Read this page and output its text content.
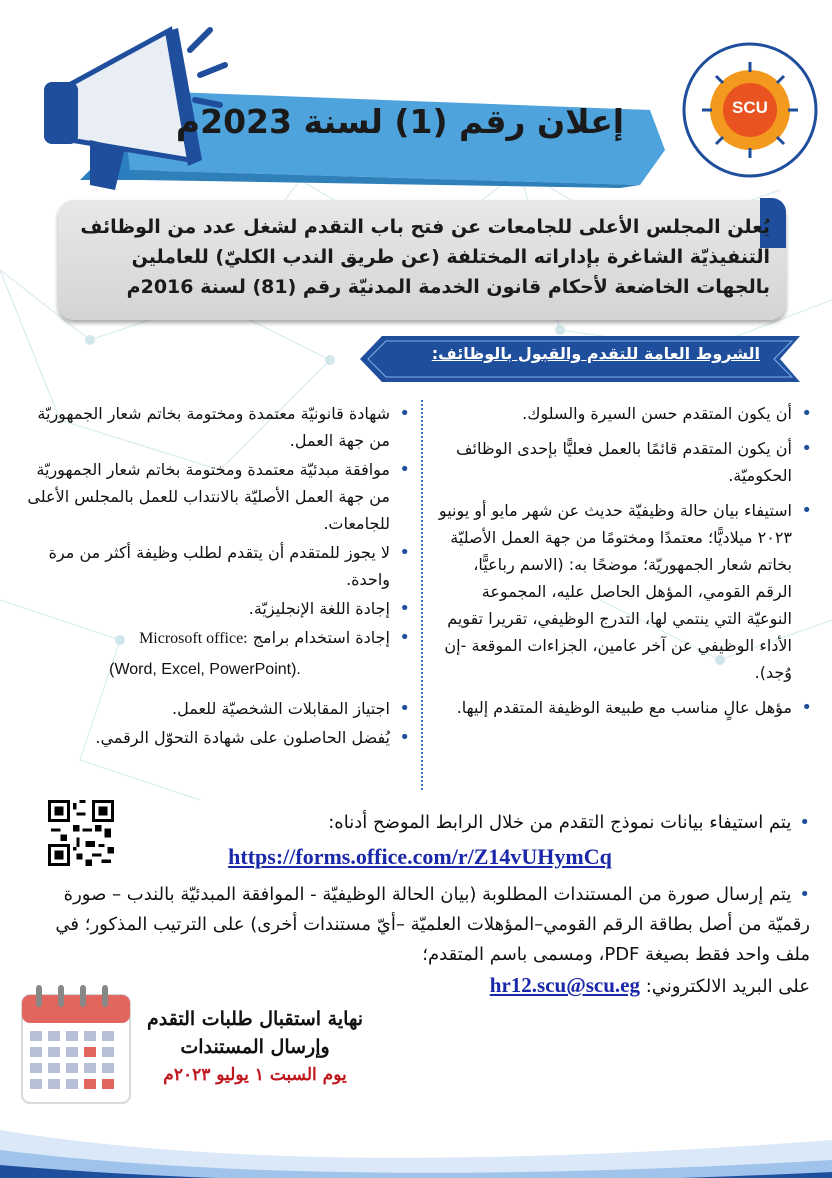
SCU
إعلان رقم (1) لسنة 2023م
يُعلن المجلس الأعلى للجامعات عن فتح باب التقدم لشغل عدد من الوظائف التنفيذيّة الشاغرة بإداراته المختلفة (عن طريق الندب الكليّ) للعاملين بالجهات الخاضعة لأحكام قانون الخدمة المدنيّة رقم (81) لسنة 2016م
الشروط العامة للتقدم والقبول بالوظائف:
•
أن يكون المتقدم حسن السيرة والسلوك.
•
أن يكون المتقدم قائمًا بالعمل فعليًّا بإحدى الوظائف الحكوميّة.
•
استيفاء بيان حالة وظيفيّة حديث عن شهر مايو أو يونيو ٢٠٢٣ ميلاديًّا؛ معتمدًا ومختومًا من جهة العمل الأصليّة بخاتم شعار الجمهوريّة؛ موضحًا به: (الاسم رباعيًّا، الرقم القومي، المؤهل الحاصل عليه، المجموعة النوعيّة التي ينتمي لها، التدرج الوظيفي، تقريرا تقويم الأداء الوظيفي عن آخر عامين، الجزاءات الموقعة -إن وُجد).
•
مؤهل عالٍ مناسب مع طبيعة الوظيفة المتقدم إليها.
•
شهادة قانونيّة معتمدة ومختومة بخاتم شعار الجمهوريّة من جهة العمل.
•
موافقة مبدئيّة معتمدة ومختومة بخاتم شعار الجمهوريّة من جهة العمل الأصليّة بالانتداب للعمل بالمجلس الأعلى للجامعات.
•
لا يجوز للمتقدم أن يتقدم لطلب وظيفة أكثر من مرة واحدة.
•
إجادة اللغة الإنجليزيّة.
•
إجادة استخدام برامج Microsoft office:
(Word, Excel, PowerPoint).
•
اجتياز المقابلات الشخصيّة للعمل.
•
يُفضل الحاصلون على شهادة التحوّل الرقمي.
•يتم استيفاء بيانات نموذج التقدم من خلال الرابط الموضح أدناه:
https://forms.office.com/r/Z14vUHymCq
•يتم إرسال صورة من المستندات المطلوبة (بيان الحالة الوظيفيّة - الموافقة المبدئيّة بالندب – صورة رقميّة من أصل بطاقة الرقم القومي–المؤهلات العلميّة –أيّ مستندات أخرى) على الترتيب المذكور؛ في ملف واحد فقط بصيغة PDF، ومسمى باسم المتقدم؛
على البريد الالكتروني: hr12.scu@scu.eg
نهاية استقبال طلبات التقدم
وإرسال المستندات
يوم السبت ١ يوليو ٢٠٢٣م
